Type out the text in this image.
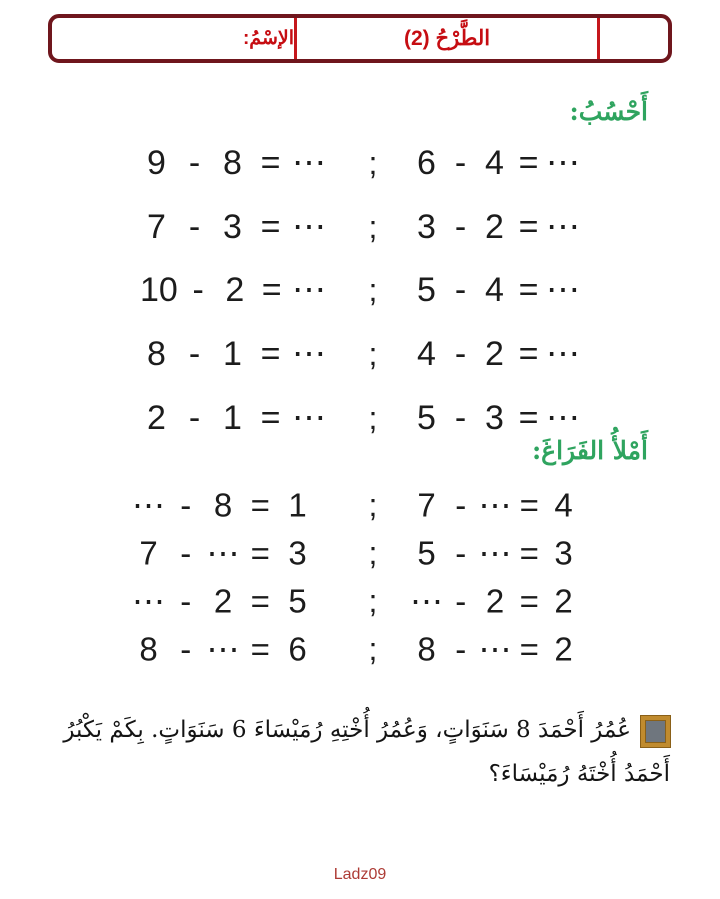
الإسْمُ:	الطَّرْحُ (2)
أَحْسُبُ:
9 - 8 = ⋯ ; 6 - 4 = ⋯
7 - 3 = ⋯ ; 3 - 2 = ⋯
10 - 2 = ⋯ ; 5 - 4 = ⋯
8 - 1 = ⋯ ; 4 - 2 = ⋯
2 - 1 = ⋯ ; 5 - 3 = ⋯
أَمْلأُ الفَرَاغَ:
⋯ - 8 = 1 ; 7 - ⋯ = 4
7 - ⋯ = 3 ; 5 - ⋯ = 3
⋯ - 2 = 5 ; ⋯ - 2 = 2
8 - ⋯ = 6 ; 8 - ⋯ = 2
عُمُرُ أَحْمَدَ 8 سَنَوَاتٍ، وَعُمُرُ أُخْتِهِ رُمَيْسَاءَ 6 سَنَوَاتٍ. بِكَمْ يَكْبُرُ أَحْمَدُ أُخْتَهُ رُمَيْسَاءَ؟
Ladz09
